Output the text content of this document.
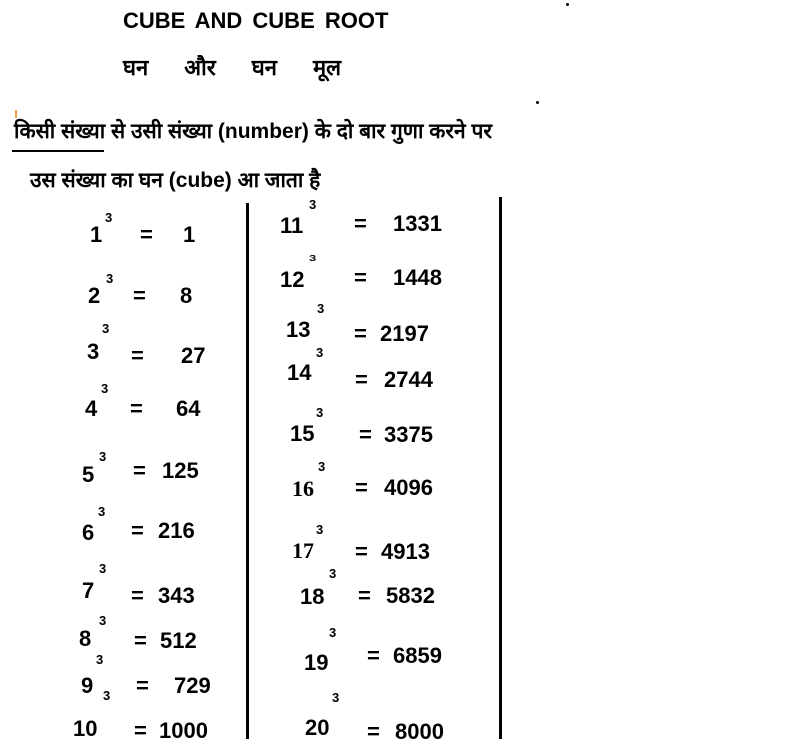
CUBE AND CUBE ROOT
घन और घन मूल
किसी संख्या से उसी संख्या (number) के दो बार गुणा करने पर
उस संख्या का घन (cube) आ जाता है
1
3
= 1
2
3
= 8
3
3
= 27
4
3
= 64
5
3
= 125
6
3
= 216
7
3
= 343
8
3
= 512
9
3
= 729
10 = 1000
11
3
= 1331
12
3
= 1448
13
3
= 2197
14
3
= 2744
15
3
= 3375
16
3
= 4096
17
3
= 4913
18
3
= 5832
19
3
= 6859
20
3
= 8000
3
